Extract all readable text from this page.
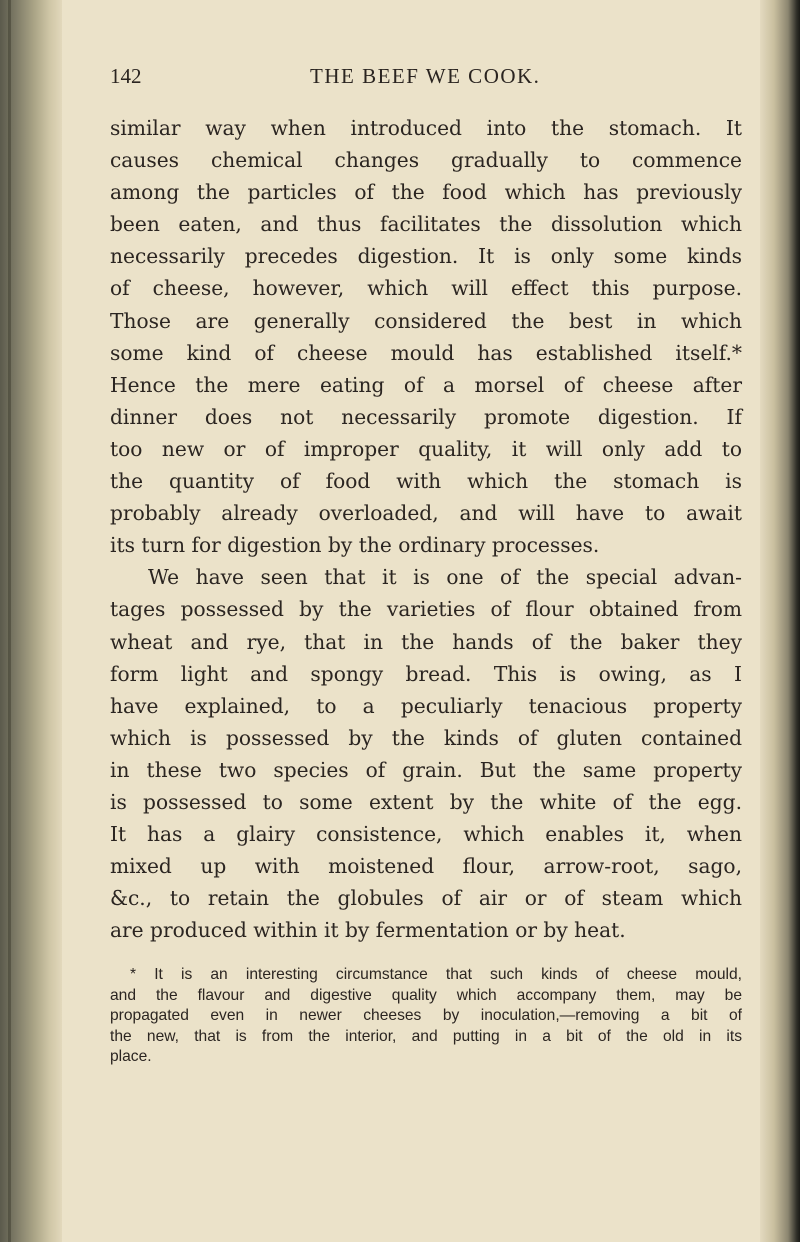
142	THE BEEF WE COOK.
similar way when introduced into the stomach. It
causes chemical changes gradually to commence
among the particles of the food which has previously
been eaten, and thus facilitates the dissolution which
necessarily precedes digestion. It is only some kinds
of cheese, however, which will effect this purpose.
Those are generally considered the best in which
some kind of cheese mould has established itself.*
Hence the mere eating of a morsel of cheese after
dinner does not necessarily promote digestion. If
too new or of improper quality, it will only add to
the quantity of food with which the stomach is
probably already overloaded, and will have to await
its turn for digestion by the ordinary processes.
We have seen that it is one of the special advan-
tages possessed by the varieties of flour obtained from
wheat and rye, that in the hands of the baker they
form light and spongy bread. This is owing, as I
have explained, to a peculiarly tenacious property
which is possessed by the kinds of gluten contained
in these two species of grain. But the same property
is possessed to some extent by the white of the egg.
It has a glairy consistence, which enables it, when
mixed up with moistened flour, arrow-root, sago,
&c., to retain the globules of air or of steam which
are produced within it by fermentation or by heat.
* It is an interesting circumstance that such kinds of cheese mould,
and the flavour and digestive quality which accompany them, may be
propagated even in newer cheeses by inoculation,—removing a bit of
the new, that is from the interior, and putting in a bit of the old in its
place.
